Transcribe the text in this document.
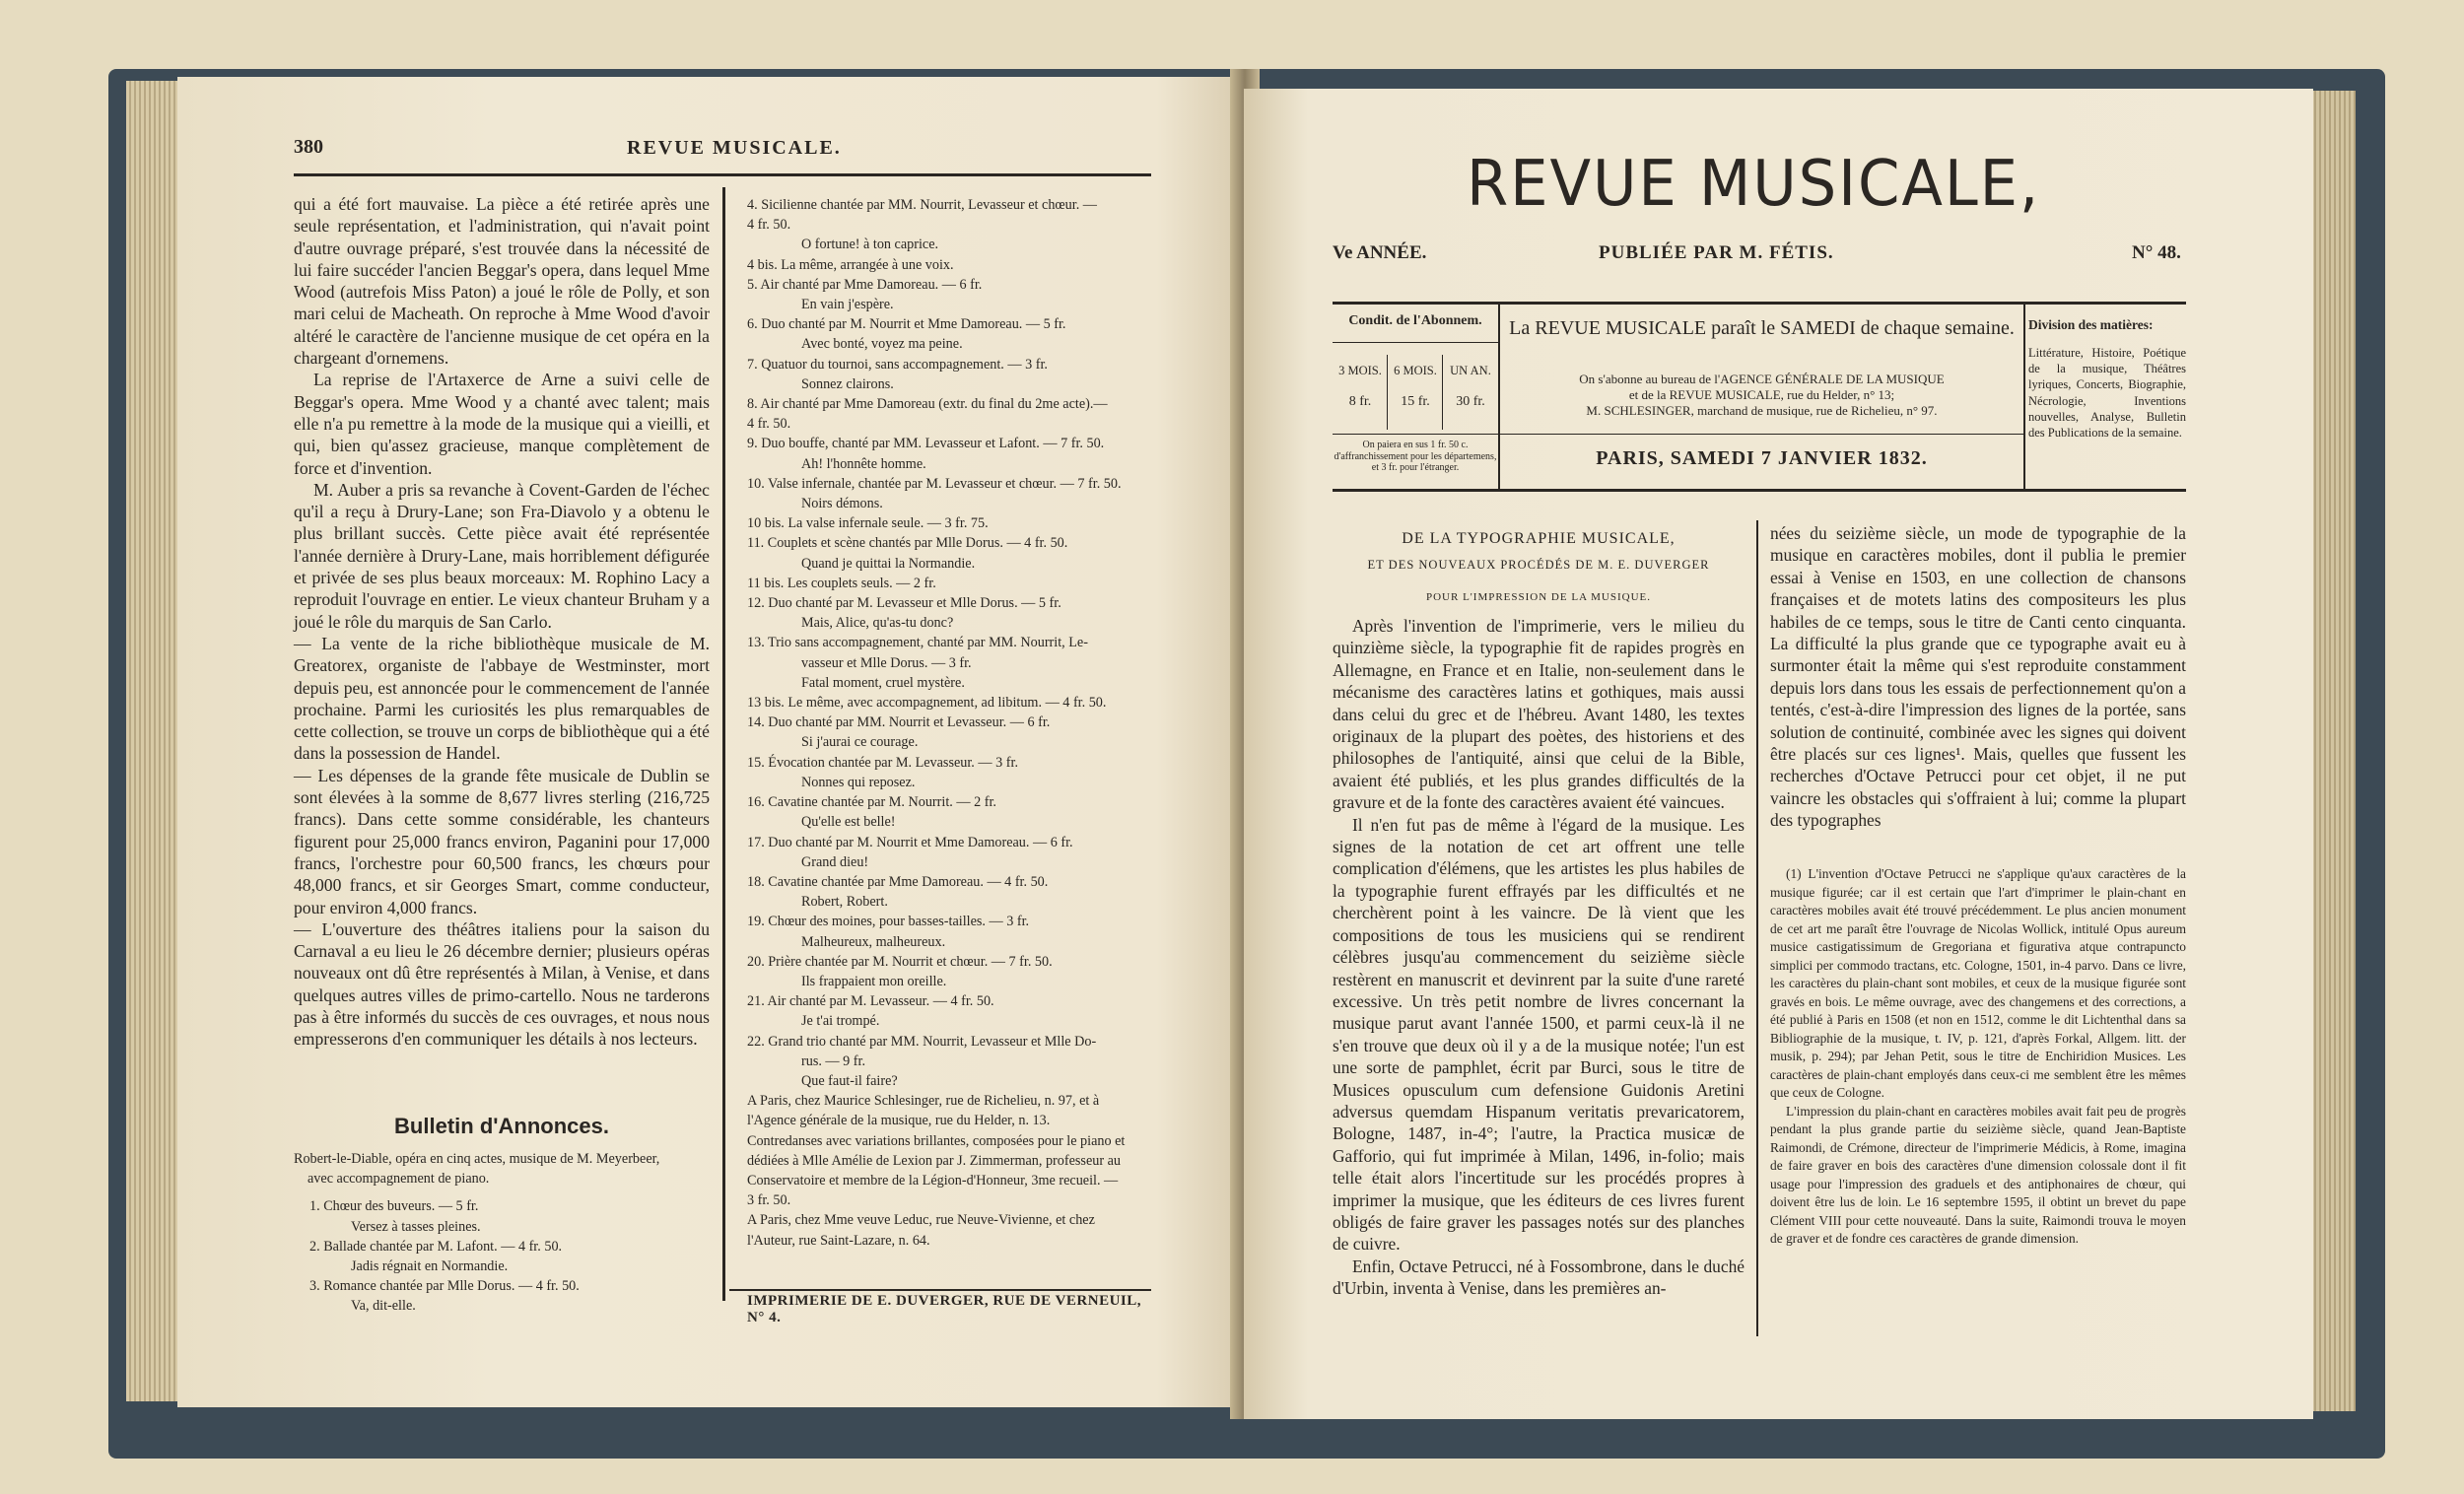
380	REVUE MUSICALE.

qui a été fort mauvaise. La pièce a été retirée après une seule représentation, et l'administration, qui n'avait point d'autre ouvrage préparé, s'est trouvée dans la nécessité de lui faire succéder l'ancien Beggar's opera, dans lequel Mme Wood (autrefois Miss Paton) a joué le rôle de Polly, et son mari celui de Macheath. On reproche à Mme Wood d'avoir altéré le caractère de l'ancienne musique de cet opéra en la chargeant d'ornemens.

La reprise de l'Artaxerce de Arne a suivi celle de Beggar's opera. Mme Wood y a chanté avec talent; mais elle n'a pu remettre à la mode de la musique qui a vieilli, et qui, bien qu'assez gracieuse, manque complètement de force et d'invention.

M. Auber a pris sa revanche à Covent-Garden de l'échec qu'il a reçu à Drury-Lane; son Fra-Diavolo y a obtenu le plus brillant succès. Cette pièce avait été représentée l'année dernière à Drury-Lane, mais horriblement défigurée et privée de ses plus beaux morceaux: M. Rophino Lacy a reproduit l'ouvrage en entier. Le vieux chanteur Bruham y a joué le rôle du marquis de San Carlo.

— La vente de la riche bibliothèque musicale de M. Greatorex, organiste de l'abbaye de Westminster, mort depuis peu, est annoncée pour le commencement de l'année prochaine. Parmi les curiosités les plus remarquables de cette collection, se trouve un corps de bibliothèque qui a été dans la possession de Handel.

— Les dépenses de la grande fête musicale de Dublin se sont élevées à la somme de 8,677 livres sterling (216,725 francs). Dans cette somme considérable, les chanteurs figurent pour 25,000 francs environ, Paganini pour 17,000 francs, l'orchestre pour 60,500 francs, les chœurs pour 48,000 francs, et sir Georges Smart, comme conducteur, pour environ 4,000 francs.

— L'ouverture des théâtres italiens pour la saison du Carnaval a eu lieu le 26 décembre dernier; plusieurs opéras nouveaux ont dû être représentés à Milan, à Venise, et dans quelques autres villes de primo-cartello. Nous ne tarderons pas à être informés du succès de ces ouvrages, et nous nous empresserons d'en communiquer les détails à nos lecteurs.

Bulletin d'Annonces.
Robert-le-Diable, opéra en cinq actes, musique de M. Meyerbeer,
avec accompagnement de piano.
1. Chœur des buveurs. — 5 fr.
Versez à tasses pleines.
2. Ballade chantée par M. Lafont. — 4 fr. 50.
Jadis régnait en Normandie.
3. Romance chantée par Mlle Dorus. — 4 fr. 50.
Va, dit-elle.
4. Sicilienne chantée par MM. Nourrit, Levasseur et chœur. —
4 fr. 50.
O fortune! à ton caprice.
4 bis. La même, arrangée à une voix.
5. Air chanté par Mme Damoreau. — 6 fr.
En vain j'espère.
6. Duo chanté par M. Nourrit et Mme Damoreau. — 5 fr.
Avec bonté, voyez ma peine.
7. Quatuor du tournoi, sans accompagnement. — 3 fr.
Sonnez clairons.
8. Air chanté par Mme Damoreau (extr. du final du 2me acte).—
4 fr. 50.
9. Duo bouffe, chanté par MM. Levasseur et Lafont. — 7 fr. 50.
Ah! l'honnête homme.
10. Valse infernale, chantée par M. Levasseur et chœur. — 7 fr. 50.
Noirs démons.
10 bis. La valse infernale seule. — 3 fr. 75.
11. Couplets et scène chantés par Mlle Dorus. — 4 fr. 50.
Quand je quittai la Normandie.
11 bis. Les couplets seuls. — 2 fr.
12. Duo chanté par M. Levasseur et Mlle Dorus. — 5 fr.
Mais, Alice, qu'as-tu donc?
13. Trio sans accompagnement, chanté par MM. Nourrit, Le-
vasseur et Mlle Dorus. — 3 fr.
Fatal moment, cruel mystère.
13 bis. Le même, avec accompagnement, ad libitum. — 4 fr. 50.
14. Duo chanté par MM. Nourrit et Levasseur. — 6 fr.
Si j'aurai ce courage.
15. Évocation chantée par M. Levasseur. — 3 fr.
Nonnes qui reposez.
16. Cavatine chantée par M. Nourrit. — 2 fr.
Qu'elle est belle!
17. Duo chanté par M. Nourrit et Mme Damoreau. — 6 fr.
Grand dieu!
18. Cavatine chantée par Mme Damoreau. — 4 fr. 50.
Robert, Robert.
19. Chœur des moines, pour basses-tailles. — 3 fr.
Malheureux, malheureux.
20. Prière chantée par M. Nourrit et chœur. — 7 fr. 50.
Ils frappaient mon oreille.
21. Air chanté par M. Levasseur. — 4 fr. 50.
Je t'ai trompé.
22. Grand trio chanté par MM. Nourrit, Levasseur et Mlle Do-
rus. — 9 fr.
Que faut-il faire?
A Paris, chez Maurice Schlesinger, rue de Richelieu, n. 97, et à
l'Agence générale de la musique, rue du Helder, n. 13.
Contredanses avec variations brillantes, composées pour le piano et
dédiées à Mlle Amélie de Lexion par J. Zimmerman, professeur au
Conservatoire et membre de la Légion-d'Honneur, 3me recueil. —
3 fr. 50.
A Paris, chez Mme veuve Leduc, rue Neuve-Vivienne, et chez
l'Auteur, rue Saint-Lazare, n. 64.
IMPRIMERIE DE E. DUVERGER, RUE DE VERNEUIL, N° 4.
REVUE MUSICALE,
Ve ANNÉE.	PUBLIÉE PAR M. FÉTIS.	N° 48.
Condit. de l'Abonnem.
3 MOIS. 6 MOIS.	UN AN.
8 fr.	15 fr.	30 fr.
On paiera en sus 1 fr. 50 c. d'affranchissement pour les départemens, et 3 fr. pour l'étranger.
La REVUE MUSICALE paraît le SAMEDI de chaque semaine.
On s'abonne au bureau de l'AGENCE GÉNÉRALE DE LA MUSIQUE
et de la REVUE MUSICALE, rue du Helder, n° 13;
M. SCHLESINGER, marchand de musique, rue de Richelieu, n° 97.
PARIS, SAMEDI 7 JANVIER 1832.
Division des matières:
Littérature, Histoire, Poétique de la musique, Théâtres lyriques, Concerts, Biographie, Nécrologie, Inventions nouvelles, Analyse, Bulletin des Publications de la semaine.
DE LA TYPOGRAPHIE MUSICALE,
ET DES NOUVEAUX PROCÉDÉS DE M. E. DUVERGER
POUR L'IMPRESSION DE LA MUSIQUE.

Après l'invention de l'imprimerie, vers le milieu du quinzième siècle, la typographie fit de rapides progrès en Allemagne, en France et en Italie, non-seulement dans le mécanisme des caractères latins et gothiques, mais aussi dans celui du grec et de l'hébreu. Avant 1480, les textes originaux de la plupart des poètes, des historiens et des philosophes de l'antiquité, ainsi que celui de la Bible, avaient été publiés, et les plus grandes difficultés de la gravure et de la fonte des caractères avaient été vaincues.

Il n'en fut pas de même à l'égard de la musique. Les signes de la notation de cet art offrent une telle complication d'élémens, que les artistes les plus habiles de la typographie furent effrayés par les difficultés et ne cherchèrent point à les vaincre. De là vient que les compositions de tous les musiciens qui se rendirent célèbres jusqu'au commencement du seizième siècle restèrent en manuscrit et devinrent par la suite d'une rareté excessive. Un très petit nombre de livres concernant la musique parut avant l'année 1500, et parmi ceux-là il ne s'en trouve que deux où il y a de la musique notée; l'un est une sorte de pamphlet, écrit par Burci, sous le titre de Musices opusculum cum defensione Guidonis Aretini adversus quemdam Hispanum veritatis prevaricatorem, Bologne, 1487, in-4°; l'autre, la Practica musicæ de Gafforio, qui fut imprimée à Milan, 1496, in-folio; mais telle était alors l'incertitude sur les procédés propres à imprimer la musique, que les éditeurs de ces livres furent obligés de faire graver les passages notés sur des planches de cuivre.

Enfin, Octave Petrucci, né à Fossombrone, dans le duché d'Urbin, inventa à Venise, dans les premières an-

nées du seizième siècle, un mode de typographie de la musique en caractères mobiles, dont il publia le premier essai à Venise en 1503, en une collection de chansons françaises et de motets latins des compositeurs les plus habiles de ce temps, sous le titre de Canti cento cinquanta. La difficulté la plus grande que ce typographe avait eu à surmonter était la même qui s'est reproduite constamment depuis lors dans tous les essais de perfectionnement qu'on a tentés, c'est-à-dire l'impression des lignes de la portée, sans solution de continuité, combinée avec les signes qui doivent être placés sur ces lignes¹. Mais, quelles que fussent les recherches d'Octave Petrucci pour cet objet, il ne put vaincre les obstacles qui s'offraient à lui; comme la plupart des typographes

(1) L'invention d'Octave Petrucci ne s'applique qu'aux caractères de la musique figurée; car il est certain que l'art d'imprimer le plain-chant en caractères mobiles avait été trouvé précédemment. Le plus ancien monument de cet art me paraît être l'ouvrage de Nicolas Wollick, intitulé Opus aureum musice castigatissimum de Gregoriana et figurativa atque contrapuncto simplici per commodo tractans, etc. Cologne, 1501, in-4 parvo. Dans ce livre, les caractères du plain-chant sont mobiles, et ceux de la musique figurée sont gravés en bois. Le même ouvrage, avec des changemens et des corrections, a été publié à Paris en 1508 (et non en 1512, comme le dit Lichtenthal dans sa Bibliographie de la musique, t. IV, p. 121, d'après Forkal, Allgem. litt. der musik, p. 294); par Jehan Petit, sous le titre de Enchiridion Musices. Les caractères de plain-chant employés dans ceux-ci me semblent être les mêmes que ceux de Cologne.

L'impression du plain-chant en caractères mobiles avait fait peu de progrès pendant la plus grande partie du seizième siècle, quand Jean-Baptiste Raimondi, de Crémone, directeur de l'imprimerie Médicis, à Rome, imagina de faire graver en bois des caractères d'une dimension colossale dont il fit usage pour l'impression des graduels et des antiphonaires de chœur, qui doivent être lus de loin. Le 16 septembre 1595, il obtint un brevet du pape Clément VIII pour cette nouveauté. Dans la suite, Raimondi trouva le moyen de graver et de fondre ces caractères de grande dimension.
